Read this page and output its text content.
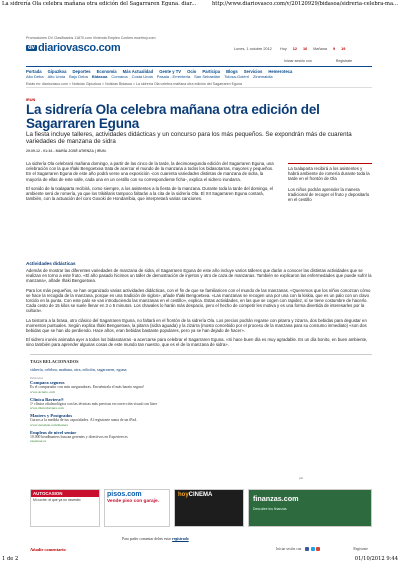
La sidrería Ola celebra mañana otra edición del Sagarraren Eguna. diar...	http://www.diariovasco.com/v/20120929/bidasoa/sidreria-celebra-ma...
Promociones DV Clasificados 11870.com Vivienda Empleo Coches muerhoy.com
dv diariovasco.com	Lunes, 1 octubre 2012 Hoy 12 16 Mañana 9 19
Iniciar sesión con	Registrate
Portada Gipuzkoa Deportes Economía Más Actualidad Gente y TV Ocio Participa Blogs Servicios Hemeroteca
Alto Deba Alto Urola Bajo Deba Bidasoa Comarca Costa Urola Pasaia - Errenteria San Sebastián Tolosa-Goierri Zinemaldia
Estás en: diariovasco.com > Noticias Gipuzkoa > Noticias Bidasoa > La sidrería Ola celebra mañana otra edición del Sagarraren Eguna
IRUN
La sidrería Ola celebra mañana otra edición del Sagarraren Eguna
La fiesta incluye talleres, actividades didácticas y un concurso para los más pequeños. Se expondrán más de cuarenta variedades de manzana de sidra
29.09.12 - 01:34 - MARÍA JOSÉ ATIENZA | IRUN.

La sidrería Ola celebrará mañana domingo, a partir de las cinco de la tarde, la decimosegunda edición del Sagarraren Eguna, una celebración con la que Iñaki Bengoetxea trata de acercar el mundo de la manzana a todos los bidasotarras, mayores y pequeños. En el Sagarraren Eguna de este año podrá verse una exposición -con cuarenta variedades distintas de manzana de sidra, la mayoría de ellas de este valle, cada una en un cestillo con su correspondiente ficha-, explica el sidrero irundarra.

El sonido de la txalaparta recibirá, como siempre, a los asistentes a la fiesta de la manzana. Durante toda la tarde del domingo, el ambiente será de romería, ya que los trikitilaris tampoco faltarán a la cita de la sidrería Ola. El XII Sagarraren Eguna contará, también, con la actuación del coro Goxoki de Hondarribia, que interpretará varias canciones.

La txalaparta recibirá a los asistentes y habrá ambiente de romería durante toda la tarde en el frontón de Ola

Los niños podrán aprender la manera tradicional de recoger el fruto y depositarlo en el cestillo

Actividades didácticas

Además de mostrar las diferentes variedades de manzana de sidra, el Sagarraren Eguna de este año incluye varios talleres que darán a conocer las distintas actividades que se realizan en torno a este fruto. «El año pasado hicimos un taller de demostración de injertos y otro de caza de manzanas. También se explicaron las enfermedades que puede sufrir la manzana», añade Iñaki Bengoetxea.

Para los más pequeños, se han organizado varias actividades didácticas, con el fin de que se familiaricen con el mundo de las manzanas. «Queremos que los niños conozcan cómo se hace la recogida de la manzana, porque es una tradición de siglos», añade Iñaki Bengoetxea. «Las manzanas se recogen una por una con la kiskia, que es un palo con un clavo torcido en la punta. Con este palo se van introduciendo las manzanas en el cestillo», explica. Estas actividades, en las que se cogen con rapidez, sí se tiene costumbre de hacerlo. Cada cesto de 15 kilos se suele llenar en 3 o 5 minutos. Los chavales lo harán más despacio, pero el hecho de competir les motiva y es una forma divertida de interesarles por la cultura».

La txistorra a la brasa, otro clásico del Sagarraren Eguna, no faltará en el frontón de la sidrería Ola. Los precios podrán regarse con pitarra y zizarra, dos bebidas para degustar en momentos puntuales. Según explica Iñaki Bengoetxea, la pitarra (sidra aguada) y la zizarra (mosto concebido por el proceso de la manzana para su consumo inmediato) «son dos bebidas que se han ido perdiendo. Hace años, eran bebidas bastante populares, pero ya se han dejado de hacer».

El sidrero irunés animaba ayer a todos los bidasotarras -a acercarse para celebrar el Sagarraren Eguna. «Si hace buen día es muy agradable. Es un día bonito, en buen ambiente, sino también para aprender algunas cosas de este mundo tan nuestro, que es el de la manzana de sidra».

TAGS RELACIONADOS
sidrería, celebra, mañana, otra, edición, sagarraren, eguna
Publicidad
Compara seguros
Es el comparador con más aseguradoras. Encuéntrala el más barato seguro!
www.Acierto.com
Clínica Baviera®
1ª clínica oftalmológica con las técnicas más precisas en corrección visual con láser
www.clinicabaviera.com
Masters y Postgrados
Cursos a la medida de tus capacidades. Al registrarte suma de un iPad.
www.cursaleia.com/masters
Empleos de nivel senior
10.000 headhunters buscan gerentes y directivos en Experteer.es
experteer.es
pm
AUTOCASION
Mi coche: el que ya no necesito
pisos.com
Vende piso con garaje.
hoyCINEMA	finanzas.com
Descubre tus finanzas
Para poder comentar debes estar registrado
Añadir comentario	Iniciar sesión con	Regístrate
1 de 2	01/10/2012 9:44
